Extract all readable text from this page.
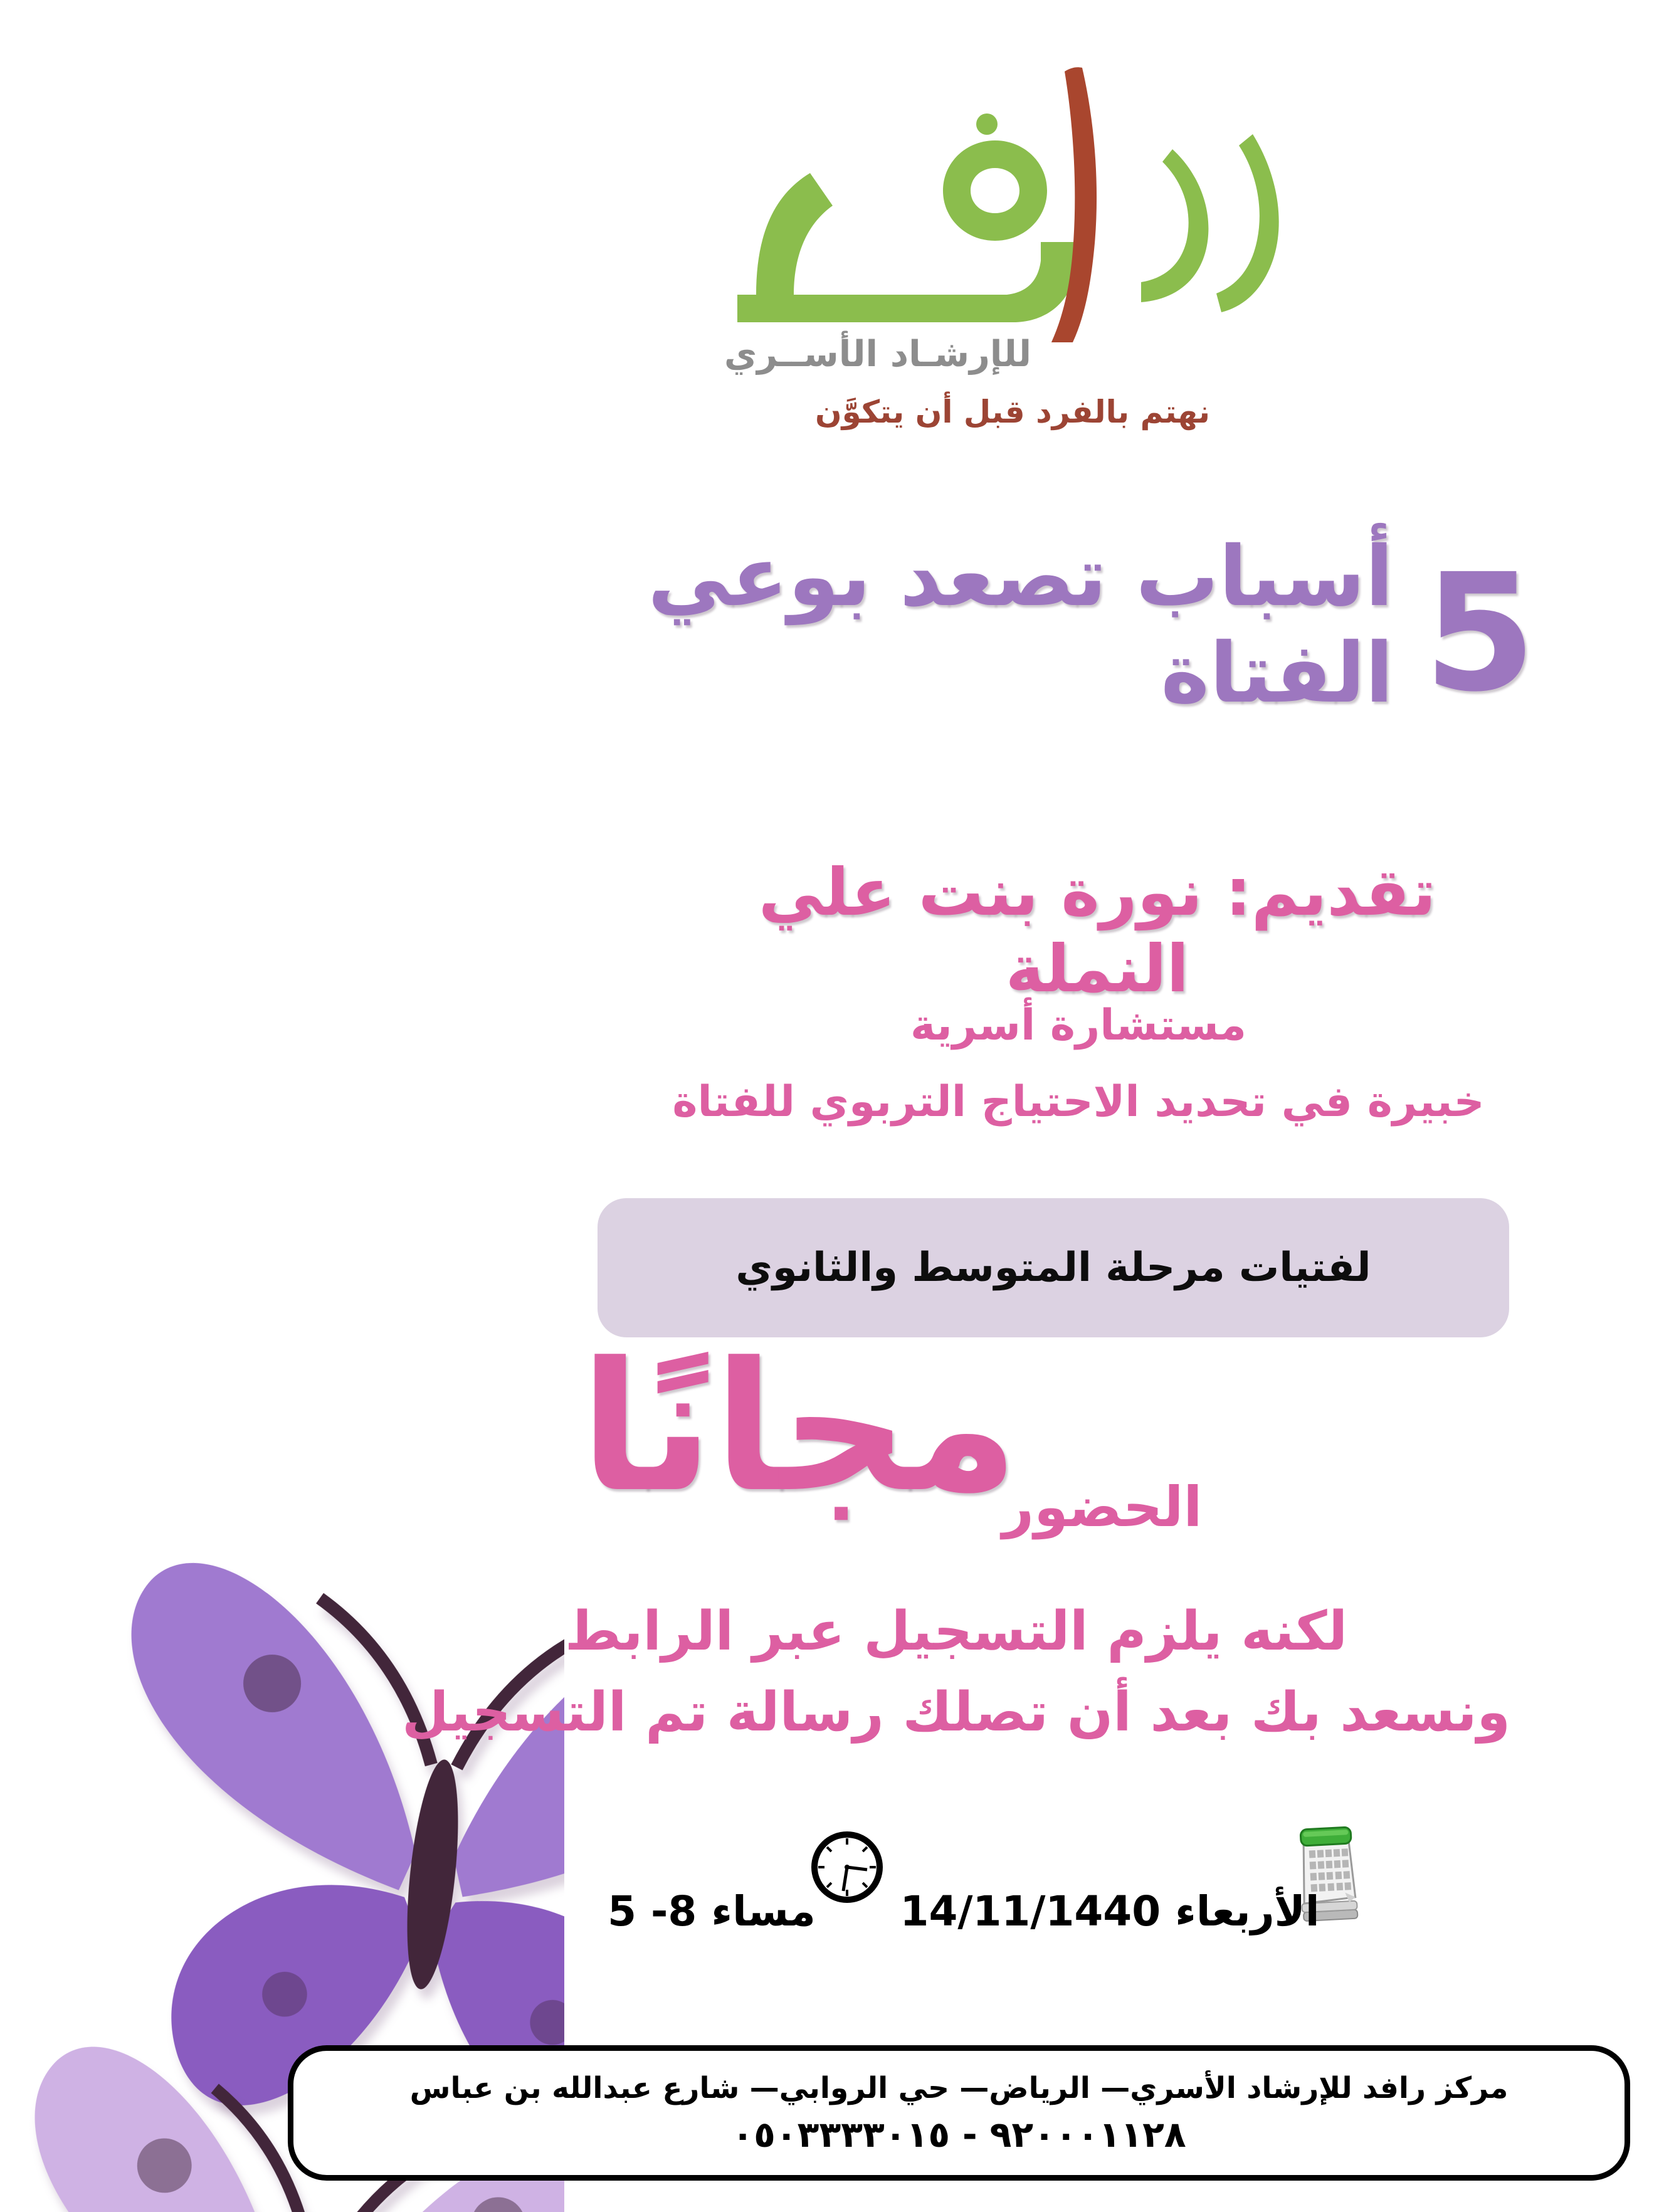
للإرشـاد الأســري
نهتم بالفرد قبل أن يتكوَّن
5
أسباب تصعد بوعي الفتاة
تقديم: نورة بنت علي النملة
مستشارة أسرية
خبيرة في تحديد الاحتياج التربوي للفتاة
لفتيات مرحلة المتوسط والثانوي
مجانًا
الحضور
لكنه يلزم التسجيل عبر الرابط
ونسعد بك بعد أن تصلك رسالة تم التسجيل
الأربعاء 14/11/1440
مساء 8- 5
مركز رافد للإرشاد الأسري— الرياض— حي الروابي— شارع عبدالله بن عباس
٩٢٠٠٠١١٢٨ - ٠٥٠٣٣٣٣٠١٥
